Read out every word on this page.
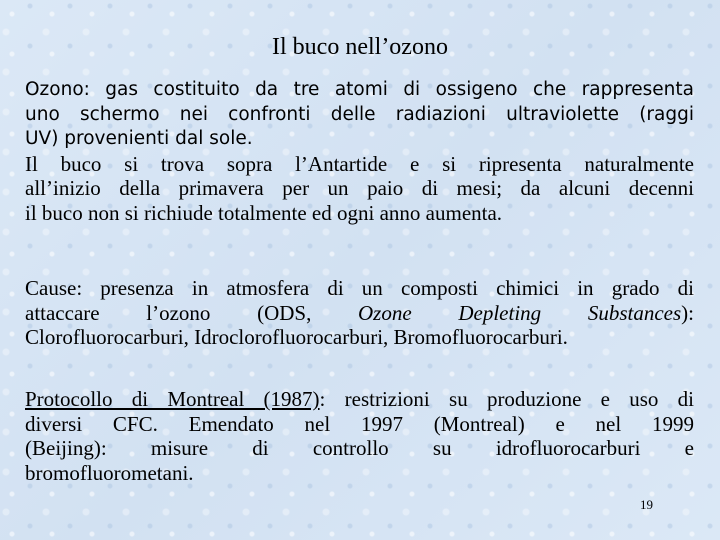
Il buco nell’ozono
Ozono: gas costituito da tre atomi di ossigeno che rappresenta
uno schermo nei confronti delle radiazioni ultraviolette (raggi
UV) provenienti dal sole.
Il buco si trova sopra l’Antartide e si ripresenta naturalmente
all’inizio della primavera per un paio di mesi; da alcuni decenni
il buco non si richiude totalmente ed ogni anno aumenta.
Cause: presenza in atmosfera di un composti chimici in grado di
attaccare l’ozono (ODS, Ozone Depleting Substances):
Clorofluorocarburi, Idroclorofluorocarburi, Bromofluorocarburi.
Protocollo di Montreal (1987): restrizioni su produzione e uso di
diversi CFC. Emendato nel 1997 (Montreal) e nel 1999
(Beijing): misure di controllo su idrofluorocarburi e
bromofluorometani.
19
